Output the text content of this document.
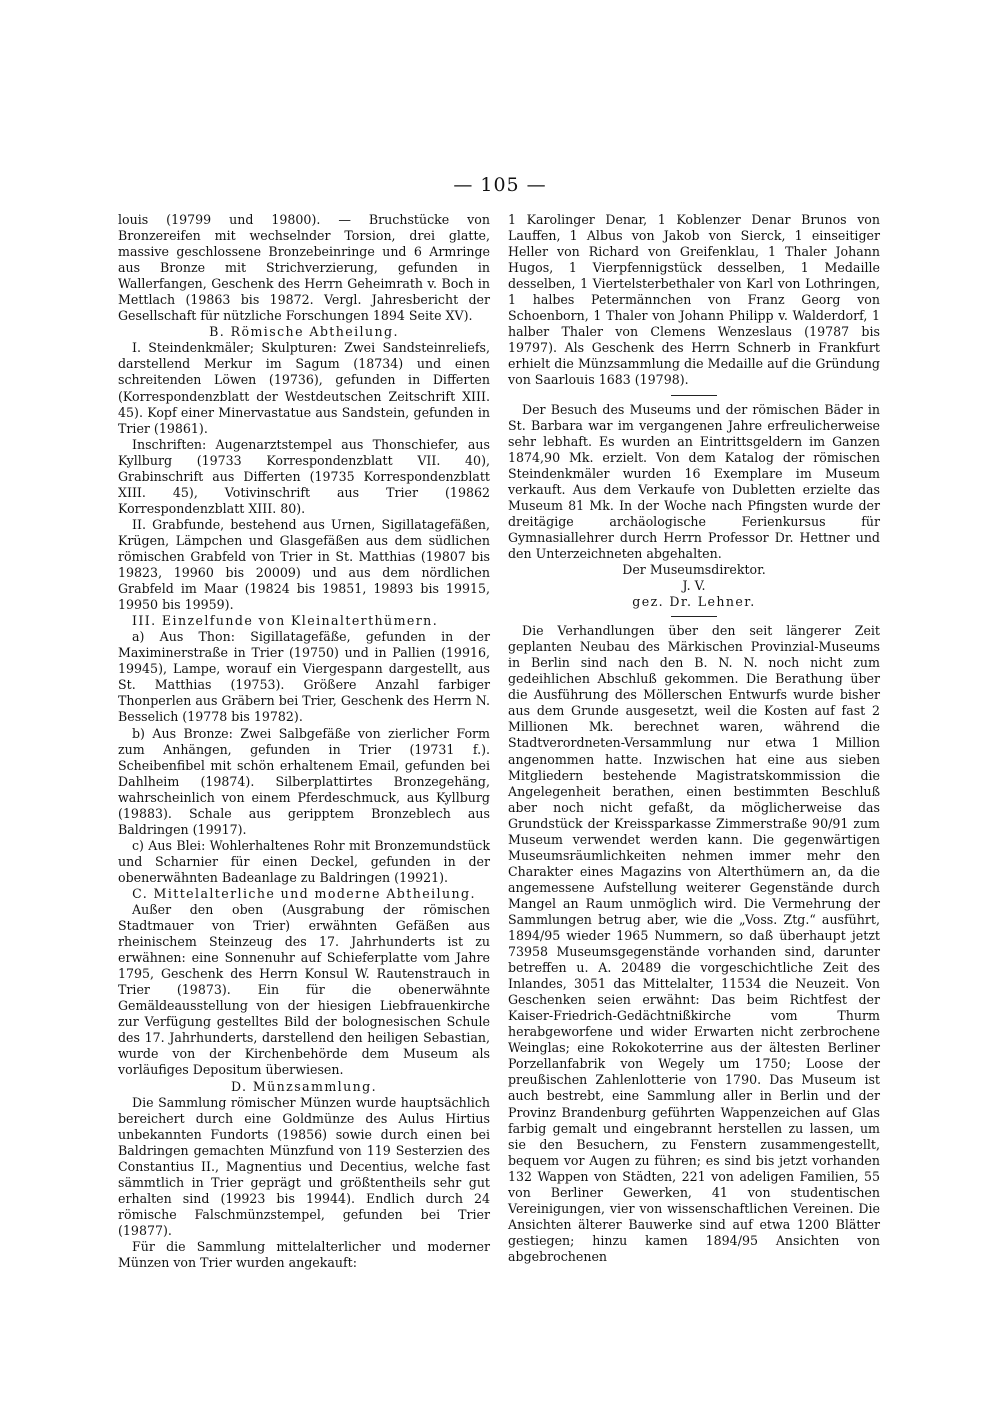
— 105 —

louis (19799 und 19800). — Bruchstücke von Bronzereifen mit wechselnder Torsion, drei glatte, massive geschlossene Bronzebeinringe und 6 Armringe aus Bronze mit Strichverzierung, gefunden in Wallerfangen, Geschenk des Herrn Geheimrath v. Boch in Mettlach (19863 bis 19872. Vergl. Jahresbericht der Gesellschaft für nützliche Forschungen 1894 Seite XV).

B. Römische Abtheilung.

I. Steindenkmäler; Skulpturen: Zwei Sandsteinreliefs, darstellend Merkur im Sagum (18734) und einen schreitenden Löwen (19736), gefunden in Differten (Korrespondenzblatt der Westdeutschen Zeitschrift XIII. 45). Kopf einer Minervastatue aus Sandstein, gefunden in Trier (19861).

Inschriften: Augenarztstempel aus Thonschiefer, aus Kyllburg (19733 Korrespondenzblatt VII. 40), Grabinschrift aus Differten (19735 Korrespondenzblatt XIII. 45), Votivinschrift aus Trier (19862 Korrespondenzblatt XIII. 80).

II. Grabfunde, bestehend aus Urnen, Sigillatagefäßen, Krügen, Lämpchen und Glasgefäßen aus dem südlichen römischen Grabfeld von Trier in St. Matthias (19807 bis 19823, 19960 bis 20009) und aus dem nördlichen Grabfeld im Maar (19824 bis 19851, 19893 bis 19915, 19950 bis 19959).

III. Einzelfunde von Kleinalterthümern.

a) Aus Thon: Sigillatagefäße, gefunden in der Maximinerstraße in Trier (19750) und in Pallien (19916, 19945), Lampe, worauf ein Viergespann dargestellt, aus St. Matthias (19753). Größere Anzahl farbiger Thonperlen aus Gräbern bei Trier, Geschenk des Herrn N. Besselich (19778 bis 19782).

b) Aus Bronze: Zwei Salbgefäße von zierlicher Form zum Anhängen, gefunden in Trier (19731 f.). Scheibenfibel mit schön erhaltenem Email, gefunden bei Dahlheim (19874). Silberplattirtes Bronzegehäng, wahrscheinlich von einem Pferdeschmuck, aus Kyllburg (19883). Schale aus geripptem Bronzeblech aus Baldringen (19917).

c) Aus Blei: Wohlerhaltenes Rohr mit Bronzemundstück und Scharnier für einen Deckel, gefunden in der obenerwähnten Badeanlage zu Baldringen (19921).

C. Mittelalterliche und moderne Abtheilung.

Außer den oben (Ausgrabung der römischen Stadtmauer von Trier) erwähnten Gefäßen aus rheinischem Steinzeug des 17. Jahrhunderts ist zu erwähnen: eine Sonnenuhr auf Schieferplatte vom Jahre 1795, Geschenk des Herrn Konsul W. Rautenstrauch in Trier (19873). Ein für die obenerwähnte Gemäldeausstellung von der hiesigen Liebfrauenkirche zur Verfügung gestelltes Bild der bolognesischen Schule des 17. Jahrhunderts, darstellend den heiligen Sebastian, wurde von der Kirchenbehörde dem Museum als vorläufiges Depositum überwiesen.

D. Münzsammlung.

Die Sammlung römischer Münzen wurde hauptsächlich bereichert durch eine Goldmünze des Aulus Hirtius unbekannten Fundorts (19856) sowie durch einen bei Baldringen gemachten Münzfund von 119 Sesterzien des Constantius II., Magnentius und Decentius, welche fast sämmtlich in Trier geprägt und größtentheils sehr gut erhalten sind (19923 bis 19944). Endlich durch 24 römische Falschmünzstempel, gefunden bei Trier (19877).

Für die Sammlung mittelalterlicher und moderner Münzen von Trier wurden angekauft:

1 Karolinger Denar, 1 Koblenzer Denar Brunos von Lauffen, 1 Albus von Jakob von Sierck, 1 einseitiger Heller von Richard von Greifenklau, 1 Thaler Johann Hugos, 1 Vierpfennigstück desselben, 1 Medaille desselben, 1 Viertelsterbethaler von Karl von Lothringen, 1 halbes Petermännchen von Franz Georg von Schoenborn, 1 Thaler von Johann Philipp v. Walderdorf, 1 halber Thaler von Clemens Wenzeslaus (19787 bis 19797). Als Geschenk des Herrn Schnerb in Frankfurt erhielt die Münzsammlung die Medaille auf die Gründung von Saarlouis 1683 (19798).

Der Besuch des Museums und der römischen Bäder in St. Barbara war im vergangenen Jahre erfreulicherweise sehr lebhaft. Es wurden an Eintrittsgeldern im Ganzen 1874,90 Mk. erzielt. Von dem Katalog der römischen Steindenkmäler wurden 16 Exemplare im Museum verkauft. Aus dem Verkaufe von Dubletten erzielte das Museum 81 Mk. In der Woche nach Pfingsten wurde der dreitägige archäologische Ferienkursus für Gymnasiallehrer durch Herrn Professor Dr. Hettner und den Unterzeichneten abgehalten.

Der Museumsdirektor.

J. V.

gez. Dr. Lehner.

Die Verhandlungen über den seit längerer Zeit geplanten Neubau des Märkischen Provinzial-Museums in Berlin sind nach den B. N. N. noch nicht zum gedeihlichen Abschluß gekommen. Die Berathung über die Ausführung des Möllerschen Entwurfs wurde bisher aus dem Grunde ausgesetzt, weil die Kosten auf fast 2 Millionen Mk. berechnet waren, während die Stadtverordneten-Versammlung nur etwa 1 Million angenommen hatte. Inzwischen hat eine aus sieben Mitgliedern bestehende Magistratskommission die Angelegenheit berathen, einen bestimmten Beschluß aber noch nicht gefaßt, da möglicherweise das Grundstück der Kreissparkasse Zimmerstraße 90/91 zum Museum verwendet werden kann. Die gegenwärtigen Museumsräumlichkeiten nehmen immer mehr den Charakter eines Magazins von Alterthümern an, da die angemessene Aufstellung weiterer Gegenstände durch Mangel an Raum unmöglich wird. Die Vermehrung der Sammlungen betrug aber, wie die „Voss. Ztg.“ ausführt, 1894/95 wieder 1965 Nummern, so daß überhaupt jetzt 73958 Museumsgegenstände vorhanden sind, darunter betreffen u. A. 20489 die vorgeschichtliche Zeit des Inlandes, 3051 das Mittelalter, 11534 die Neuzeit. Von Geschenken seien erwähnt: Das beim Richtfest der Kaiser-Friedrich-Gedächtnißkirche vom Thurm herabgeworfene und wider Erwarten nicht zerbrochene Weinglas; eine Rokokoterrine aus der ältesten Berliner Porzellanfabrik von Wegely um 1750; Loose der preußischen Zahlenlotterie von 1790. Das Museum ist auch bestrebt, eine Sammlung aller in Berlin und der Provinz Brandenburg geführten Wappenzeichen auf Glas farbig gemalt und eingebrannt herstellen zu lassen, um sie den Besuchern, zu Fenstern zusammengestellt, bequem vor Augen zu führen; es sind bis jetzt vorhanden 132 Wappen von Städten, 221 von adeligen Familien, 55 von Berliner Gewerken, 41 von studentischen Vereinigungen, vier von wissenschaftlichen Vereinen. Die Ansichten älterer Bauwerke sind auf etwa 1200 Blätter gestiegen; hinzu kamen 1894/95 Ansichten von abgebrochenen
